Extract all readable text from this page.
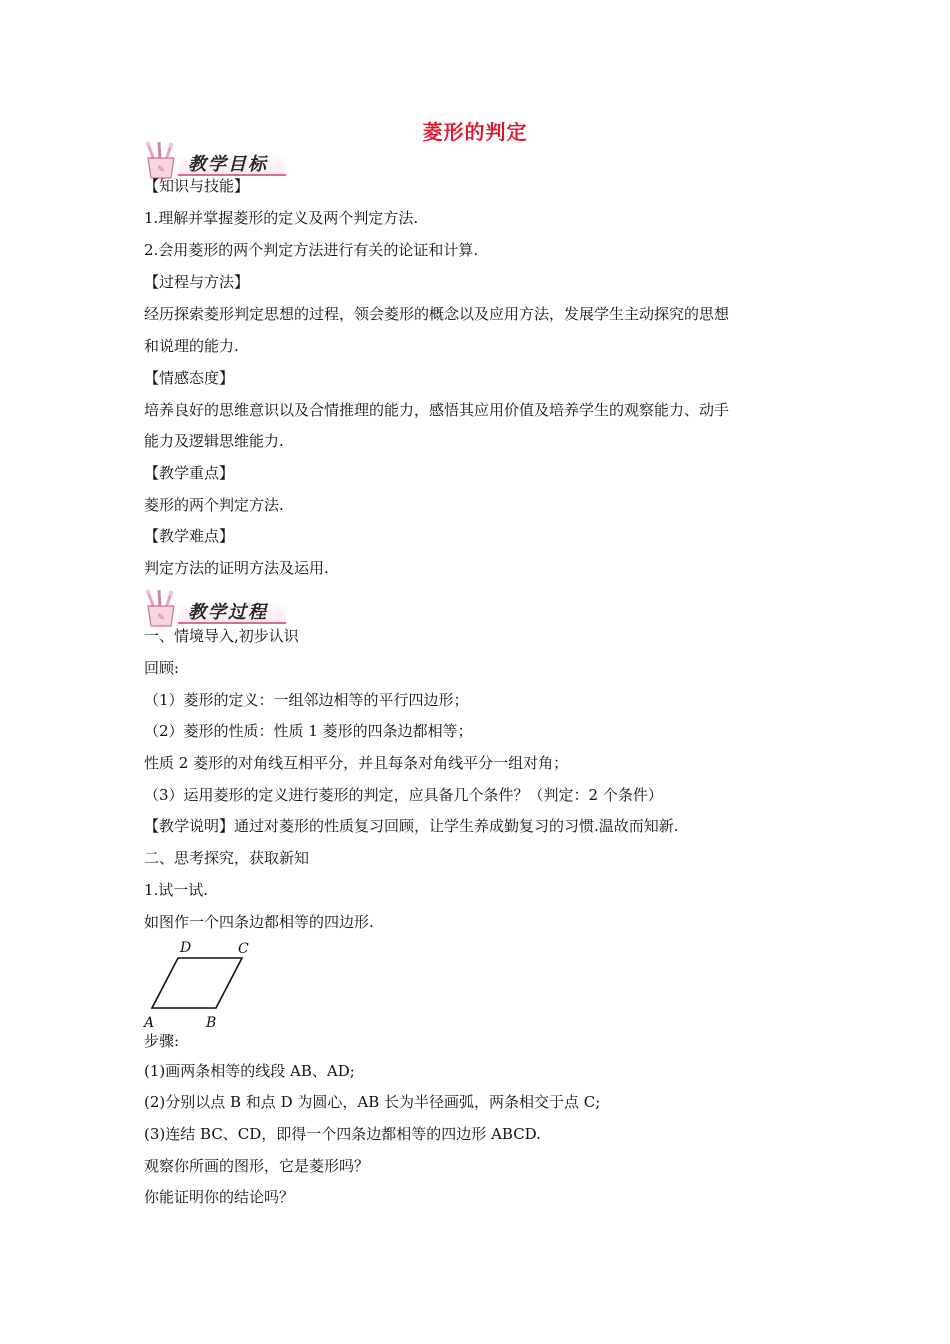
菱形的判定
✎ 教学目标
✎ 教学过程
【知识与技能】
1.理解并掌握菱形的定义及两个判定方法.
2.会用菱形的两个判定方法进行有关的论证和计算.
【过程与方法】
经历探索菱形判定思想的过程，领会菱形的概念以及应用方法，发展学生主动探究的思想
和说理的能力.
【情感态度】
培养良好的思维意识以及合情推理的能力，感悟其应用价值及培养学生的观察能力、动手
能力及逻辑思维能力.
【教学重点】
菱形的两个判定方法.
【教学难点】
判定方法的证明方法及运用.
一、情境导入,初步认识
回顾:
（1）菱形的定义：一组邻边相等的平行四边形；
（2）菱形的性质：性质 1 菱形的四条边都相等；
性质 2 菱形的对角线互相平分，并且每条对角线平分一组对角；
（3）运用菱形的定义进行菱形的判定，应具备几个条件？（判定：2 个条件）
【教学说明】通过对菱形的性质复习回顾，让学生养成勤复习的习惯.温故而知新.
二、思考探究，获取新知
1.试一试.
如图作一个四条边都相等的四边形.
D	C
A	B
步骤:
(1)画两条相等的线段 AB、AD;
(2)分别以点 B 和点 D 为圆心，AB 长为半径画弧，两条相交于点 C;
(3)连结 BC、CD，即得一个四条边都相等的四边形 ABCD.
观察你所画的图形，它是菱形吗？
你能证明你的结论吗？
